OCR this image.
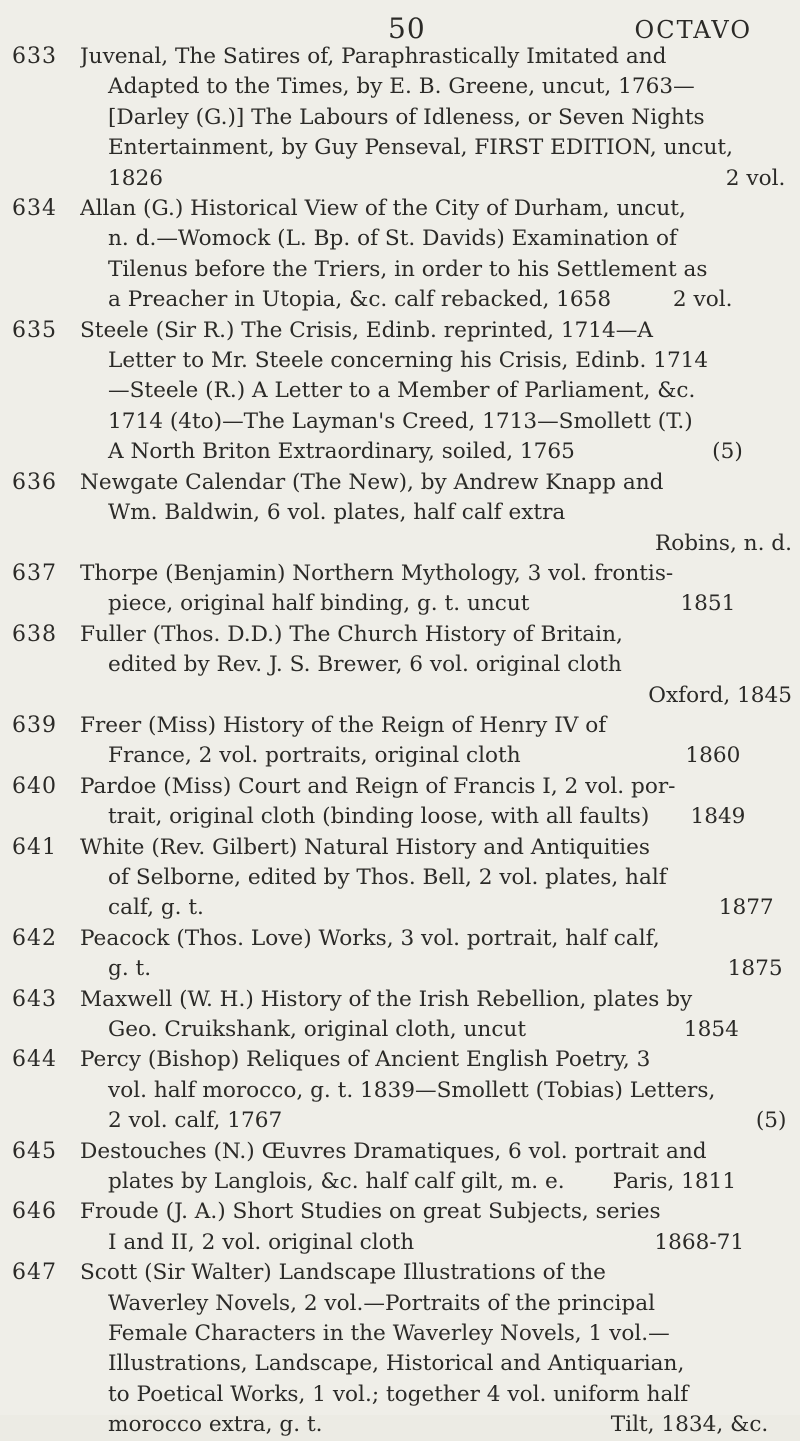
50	OCTAVO
633	Juvenal, The Satires of, Paraphrastically Imitated and
Adapted to the Times, by E. B. Greene, uncut, 1763—
[Darley (G.)] The Labours of Idleness, or Seven Nights
Entertainment, by Guy Penseval, FIRST EDITION, uncut,
1826                                                                                  2 vol.
634	Allan (G.) Historical View of the City of Durham, uncut,
n. d.—Womock (L. Bp. of St. Davids) Examination of
Tilenus before the Triers, in order to his Settlement as
a Preacher in Utopia, &c. calf rebacked, 1658         2 vol.
635	Steele (Sir R.) The Crisis, Edinb. reprinted, 1714—A
Letter to Mr. Steele concerning his Crisis, Edinb. 1714
—Steele (R.) A Letter to a Member of Parliament, &c.
1714 (4to)—The Layman's Creed, 1713—Smollett (T.)
A North Briton Extraordinary, soiled, 1765                    (5)
636	Newgate Calendar (The New), by Andrew Knapp and
Wm. Baldwin, 6 vol. plates, half calf extra
Robins, n. d.
637	Thorpe (Benjamin) Northern Mythology, 3 vol. frontis-
piece, original half binding, g. t. uncut                      1851
638	Fuller (Thos. D.D.) The Church History of Britain,
edited by Rev. J. S. Brewer, 6 vol. original cloth
Oxford, 1845
639	Freer (Miss) History of the Reign of Henry IV of
France, 2 vol. portraits, original cloth                        1860
640	Pardoe (Miss) Court and Reign of Francis I, 2 vol. por-
trait, original cloth (binding loose, with all faults)      1849
641	White (Rev. Gilbert) Natural History and Antiquities
of Selborne, edited by Thos. Bell, 2 vol. plates, half
calf, g. t.                                                                           1877
642	Peacock (Thos. Love) Works, 3 vol. portrait, half calf,
g. t.                                                                                    1875
643	Maxwell (W. H.) History of the Irish Rebellion, plates by
Geo. Cruikshank, original cloth, uncut                       1854
644	Percy (Bishop) Reliques of Ancient English Poetry, 3
vol. half morocco, g. t. 1839—Smollett (Tobias) Letters,
2 vol. calf, 1767                                                                     (5)
645	Destouches (N.) Œuvres Dramatiques, 6 vol. portrait and
plates by Langlois, &c. half calf gilt, m. e.       Paris, 1811
646	Froude (J. A.) Short Studies on great Subjects, series
I and II, 2 vol. original cloth                                   1868-71
647	Scott (Sir Walter) Landscape Illustrations of the
Waverley Novels, 2 vol.—Portraits of the principal
Female Characters in the Waverley Novels, 1 vol.—
Illustrations, Landscape, Historical and Antiquarian,
to Poetical Works, 1 vol.; together 4 vol. uniform half
morocco extra, g. t.                                          Tilt, 1834, &c.
